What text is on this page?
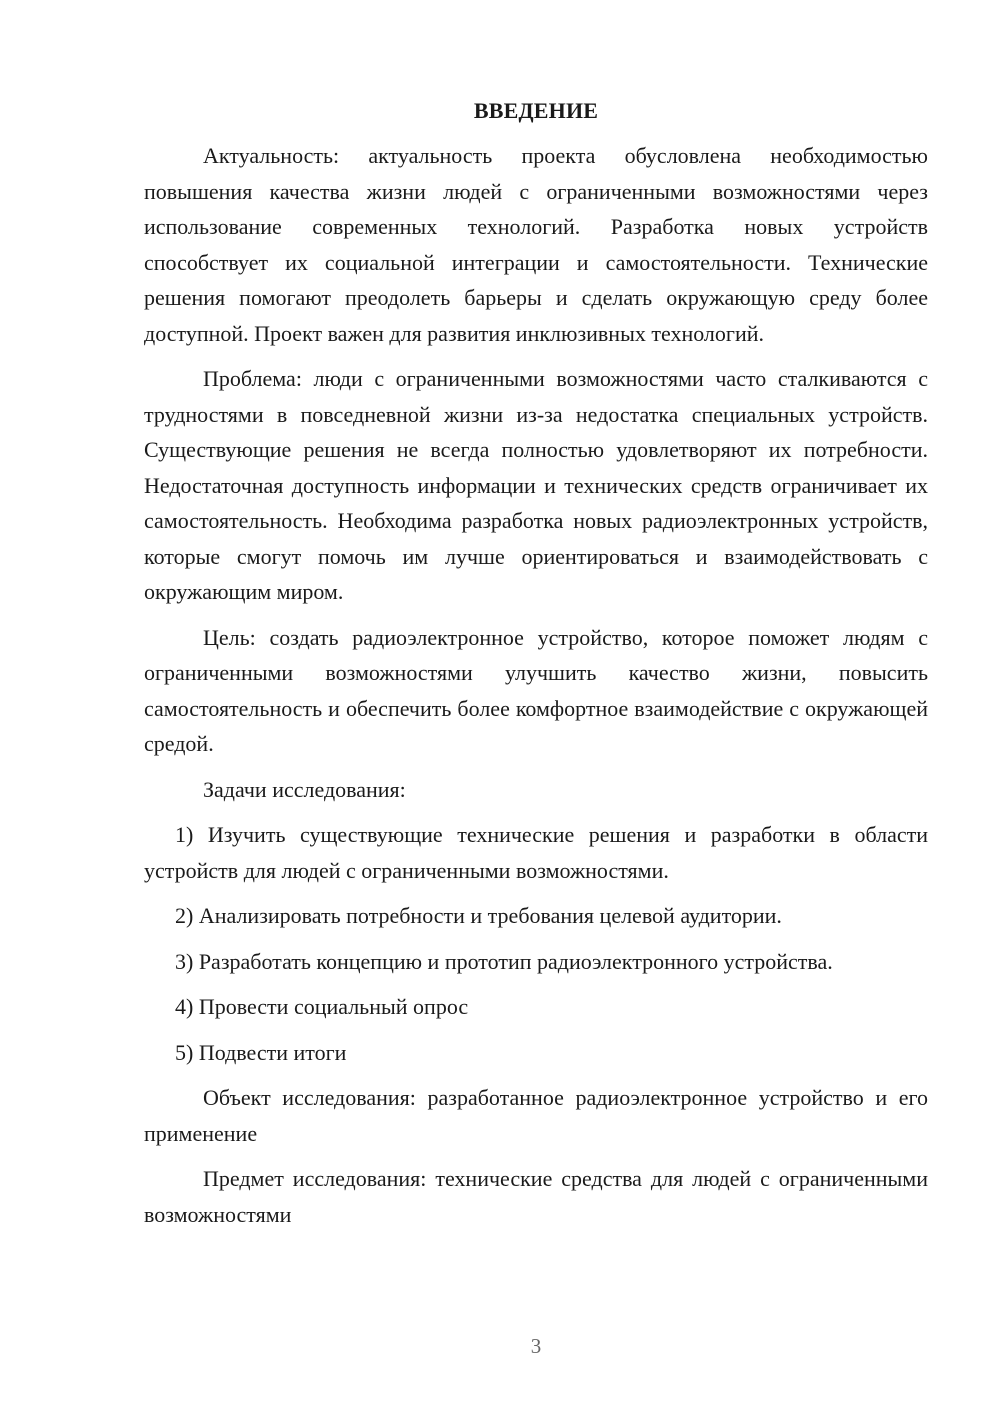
ВВЕДЕНИЕ

Актуальность: актуальность проекта обусловлена необходимостью повышения качества жизни людей с ограниченными возможностями через использование современных технологий. Разработка новых устройств способствует их социальной интеграции и самостоятельности. Технические решения помогают преодолеть барьеры и сделать окружающую среду более доступной. Проект важен для развития инклюзивных технологий.

Проблема: люди с ограниченными возможностями часто сталкиваются с трудностями в повседневной жизни из-за недостатка специальных устройств. Существующие решения не всегда полностью удовлетворяют их потребности. Недостаточная доступность информации и технических средств ограничивает их самостоятельность. Необходима разработка новых радиоэлектронных устройств, которые смогут помочь им лучше ориентироваться и взаимодействовать с окружающим миром.

Цель: создать радиоэлектронное устройство, которое поможет людям с ограниченными возможностями улучшить качество жизни, повысить самостоятельность и обеспечить более комфортное взаимодействие с окружающей средой.

Задачи исследования:

1) Изучить существующие технические решения и разработки в области устройств для людей с ограниченными возможностями.

2) Анализировать потребности и требования целевой аудитории.

3) Разработать концепцию и прототип радиоэлектронного устройства.

4) Провести социальный опрос

5) Подвести итоги

Объект исследования: разработанное радиоэлектронное устройство и его применение

Предмет исследования: технические средства для людей с ограниченными возможностями

3
